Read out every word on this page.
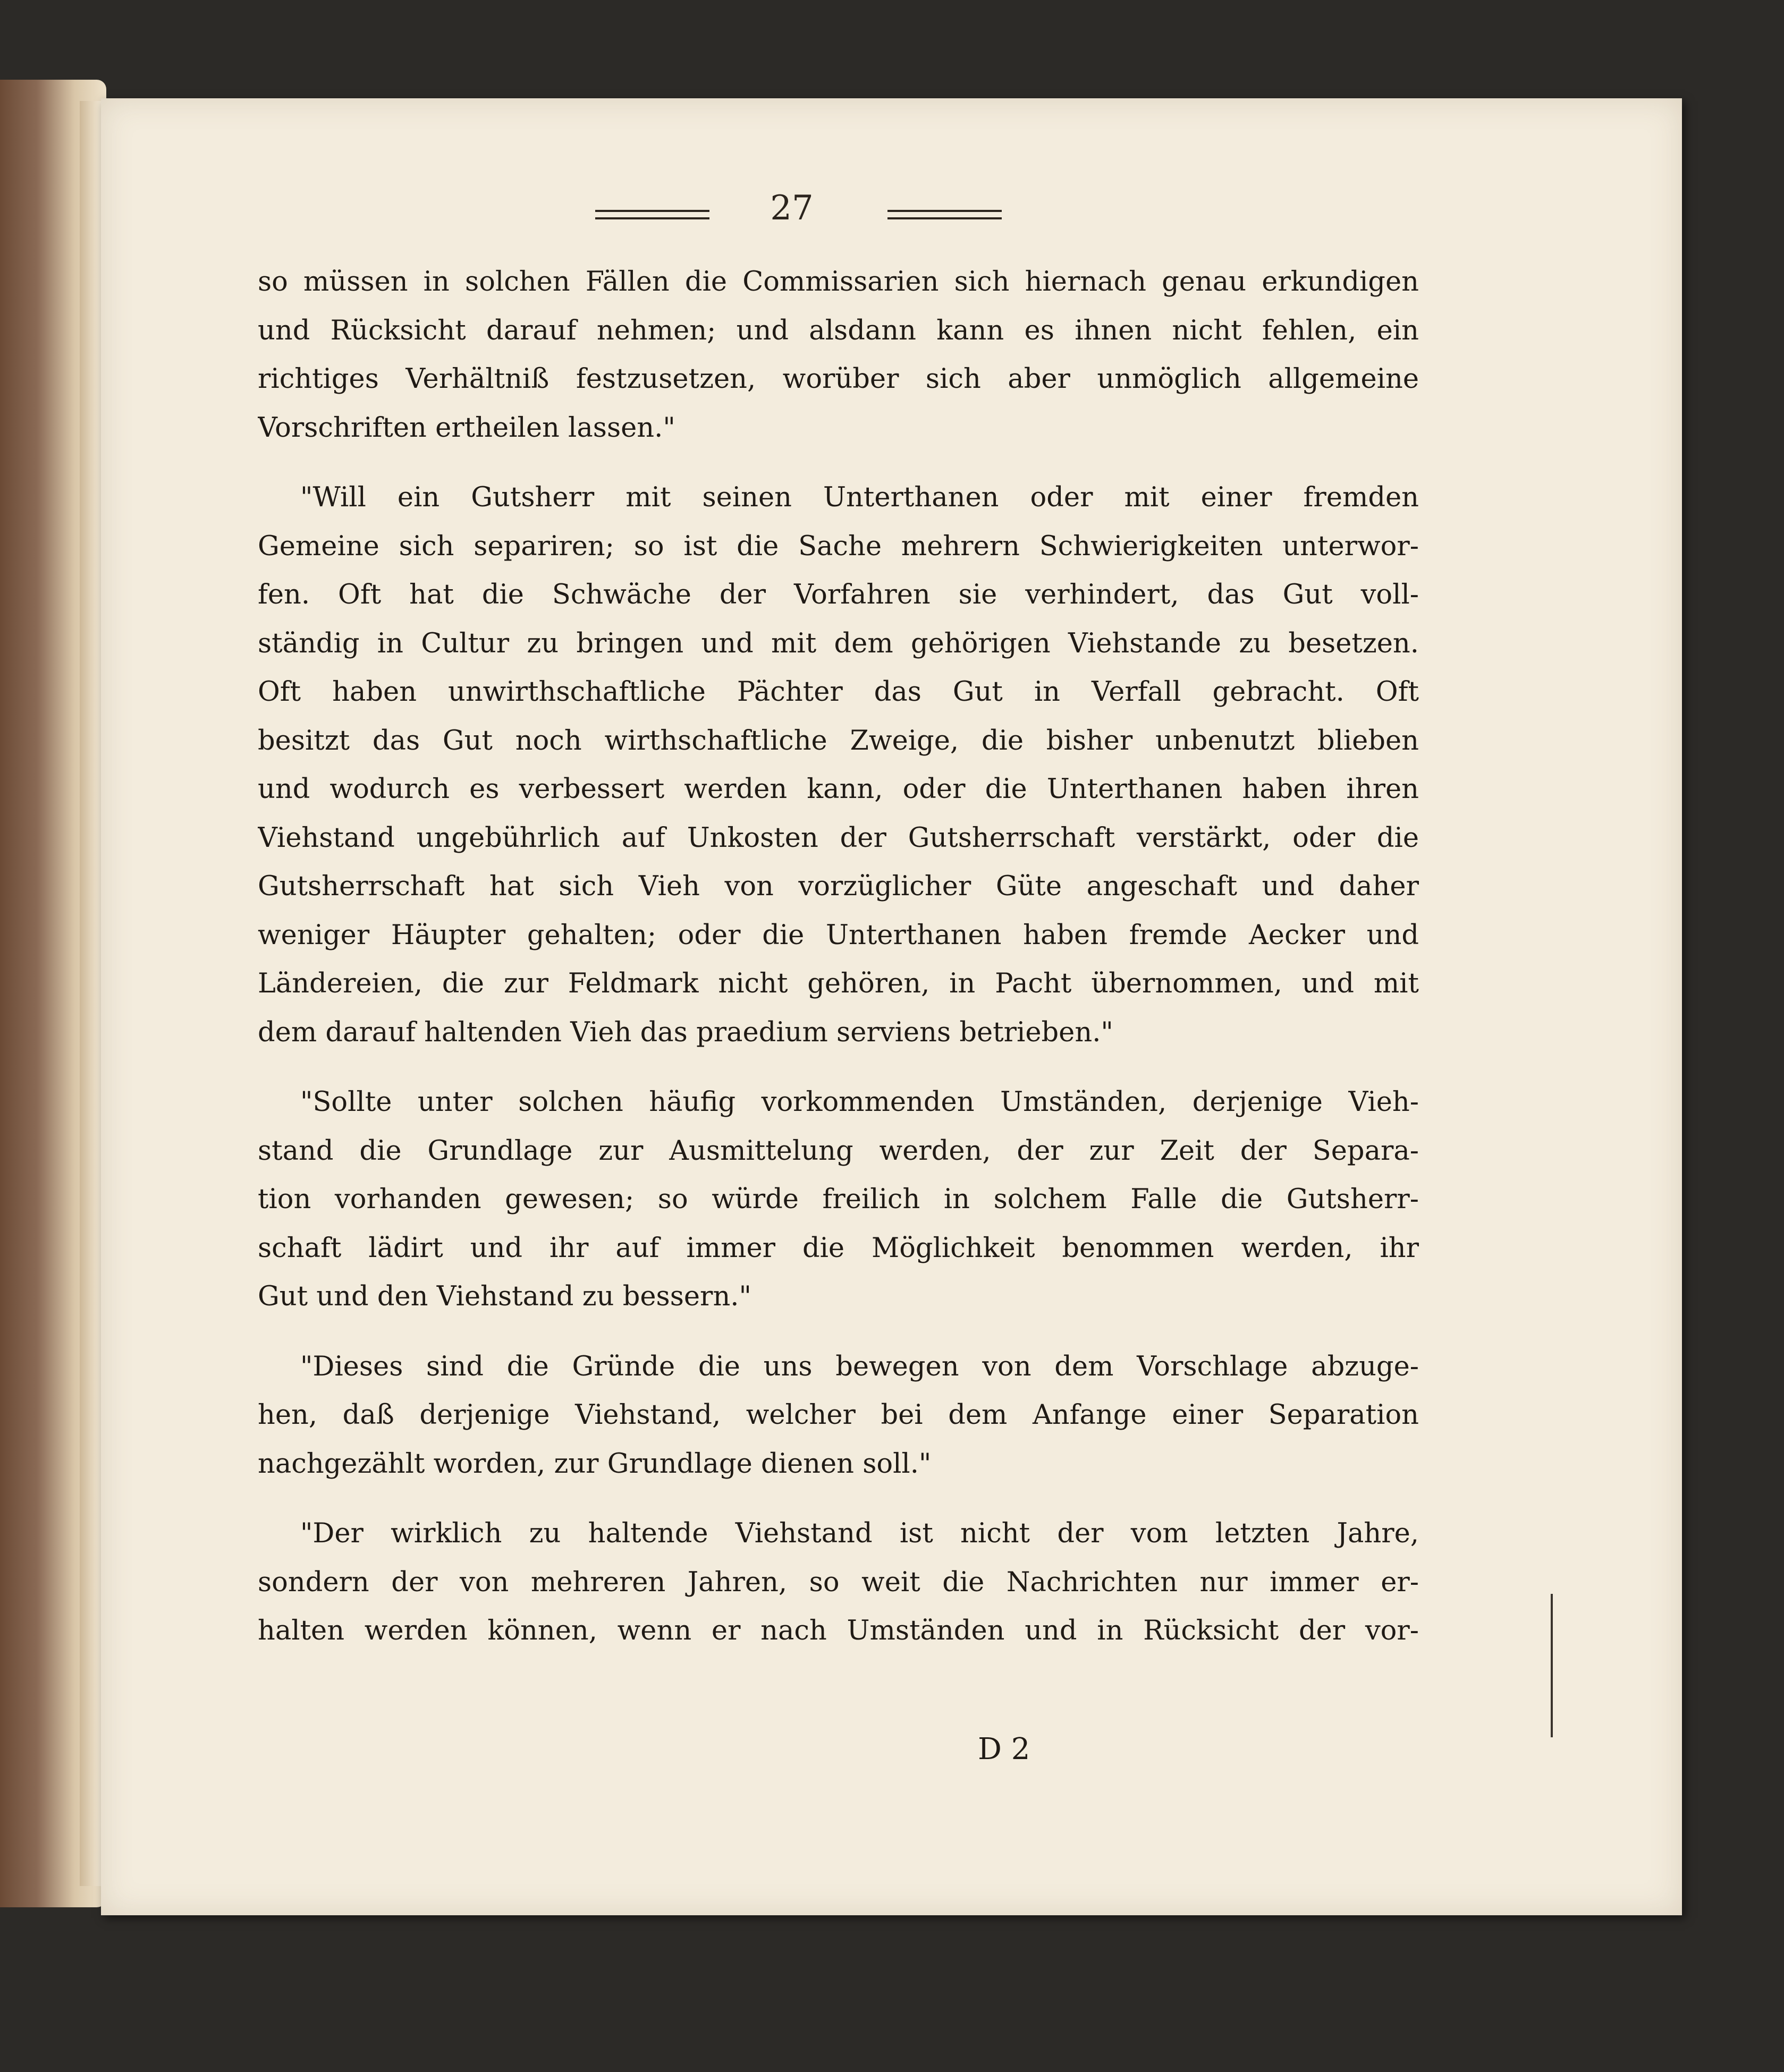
27
so müssen in solchen Fällen die Commissarien sich hiernach genau erkundigen
und Rücksicht darauf nehmen; und alsdann kann es ihnen nicht fehlen, ein
richtiges Verhältniß festzusetzen, worüber sich aber unmöglich allgemeine
Vorschriften ertheilen lassen."
"Will ein Gutsherr mit seinen Unterthanen oder mit einer fremden
Gemeine sich separiren; so ist die Sache mehrern Schwierigkeiten unterwor-
fen. Oft hat die Schwäche der Vorfahren sie verhindert, das Gut voll-
ständig in Cultur zu bringen und mit dem gehörigen Viehstande zu besetzen.
Oft haben unwirthschaftliche Pächter das Gut in Verfall gebracht. Oft
besitzt das Gut noch wirthschaftliche Zweige, die bisher unbenutzt blieben
und wodurch es verbessert werden kann, oder die Unterthanen haben ihren
Viehstand ungebührlich auf Unkosten der Gutsherrschaft verstärkt, oder die
Gutsherrschaft hat sich Vieh von vorzüglicher Güte angeschaft und daher
weniger Häupter gehalten; oder die Unterthanen haben fremde Aecker und
Ländereien, die zur Feldmark nicht gehören, in Pacht übernommen, und mit
dem darauf haltenden Vieh das praedium serviens betrieben."
"Sollte unter solchen häufig vorkommenden Umständen, derjenige Vieh-
stand die Grundlage zur Ausmittelung werden, der zur Zeit der Separa-
tion vorhanden gewesen; so würde freilich in solchem Falle die Gutsherr-
schaft lädirt und ihr auf immer die Möglichkeit benommen werden, ihr
Gut und den Viehstand zu bessern."
"Dieses sind die Gründe die uns bewegen von dem Vorschlage abzuge-
hen, daß derjenige Viehstand, welcher bei dem Anfange einer Separation
nachgezählt worden, zur Grundlage dienen soll."
"Der wirklich zu haltende Viehstand ist nicht der vom letzten Jahre,
sondern der von mehreren Jahren, so weit die Nachrichten nur immer er-
halten werden können, wenn er nach Umständen und in Rücksicht der vor-
D 2
